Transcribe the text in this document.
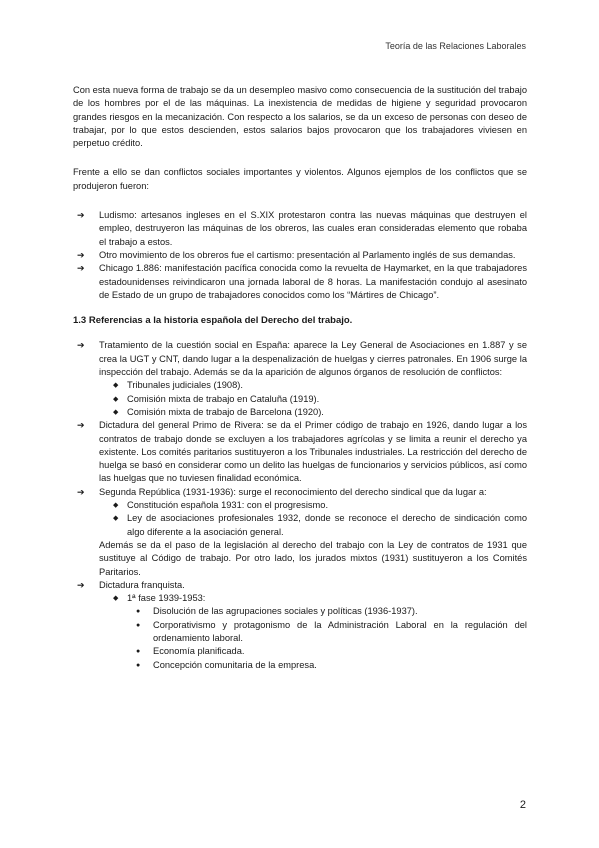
Teoría de las Relaciones Laborales

Con esta nueva forma de trabajo se da un desempleo masivo como consecuencia de la sustitución del trabajo de los hombres por el de las máquinas. La inexistencia de medidas de higiene y seguridad provocaron grandes riesgos en la mecanización. Con respecto a los salarios, se da un exceso de personas con deseo de trabajar, por lo que estos descienden, estos salarios bajos provocaron que los trabajadores viviesen en perpetuo crédito.

Frente a ello se dan conflictos sociales importantes y violentos. Algunos ejemplos de los conflictos que se produjeron fueron:

➔ Ludismo: artesanos ingleses en el S.XIX protestaron contra las nuevas máquinas que destruyen el empleo, destruyeron las máquinas de los obreros, las cuales eran consideradas elemento que robaba el trabajo a estos.
➔ Otro movimiento de los obreros fue el cartismo: presentación al Parlamento inglés de sus demandas.
➔ Chicago 1.886: manifestación pacífica conocida como la revuelta de Haymarket, en la que trabajadores estadounidenses reivindicaron una jornada laboral de 8 horas. La manifestación condujo al asesinato de Estado de un grupo de trabajadores conocidos como los “Mártires de Chicago”.

1.3 Referencias a la historia española del Derecho del trabajo.

➔ Tratamiento de la cuestión social en España: aparece la Ley General de Asociaciones en 1.887 y se crea la UGT y CNT, dando lugar a la despenalización de huelgas y cierres patronales. En 1906 surge la inspección del trabajo. Además se da la aparición de algunos órganos de resolución de conflictos:
◆ Tribunales judiciales (1908).
◆ Comisión mixta de trabajo en Cataluña (1919).
◆ Comisión mixta de trabajo de Barcelona (1920).
➔ Dictadura del general Primo de Rivera: se da el Primer código de trabajo en 1926, dando lugar a los contratos de trabajo donde se excluyen a los trabajadores agrícolas y se limita a reunir el derecho ya existente. Los comités paritarios sustituyeron a los Tribunales industriales. La restricción del derecho de huelga se basó en considerar como un delito las huelgas de funcionarios y servicios públicos, así como las huelgas que no tuviesen finalidad económica.
➔ Segunda República (1931-1936): surge el reconocimiento del derecho sindical que da lugar a:
◆ Constitución española 1931: con el progresismo.
◆ Ley de asociaciones profesionales 1932, donde se reconoce el derecho de sindicación como algo diferente a la asociación general.
Además se da el paso de la legislación al derecho del trabajo con la Ley de contratos de 1931 que sustituye al Código de trabajo. Por otro lado, los jurados mixtos (1931) sustituyeron a los Comités Paritarios.
➔ Dictadura franquista.
◆ 1ª fase 1939-1953:
● Disolución de las agrupaciones sociales y políticas (1936-1937).
● Corporativismo y protagonismo de la Administración Laboral en la regulación del ordenamiento laboral.
● Economía planificada.
● Concepción comunitaria de la empresa.
2
